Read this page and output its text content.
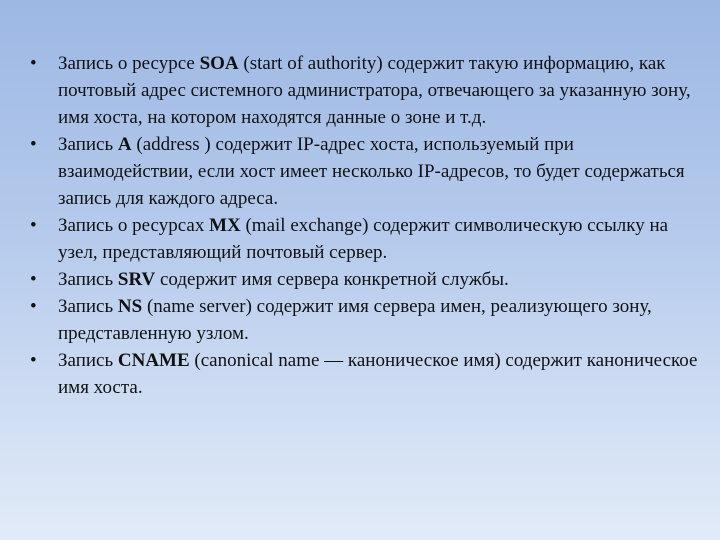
•	Запись о ресурсе SOA (start of authority) содержит такую информацию, как почтовый адрес системного администратора, отвечающего за указанную зону, имя хоста, на котором находятся данные о зоне и т.д.
•	Запись A (address ) содержит IP-адрес хоста, используемый при взаимодействии, если хост имеет несколько IP-адресов, то будет содержаться запись для каждого адреса.
•	Запись о ресурсах MX (mail exchange) содержит символическую ссылку на узел, представляющий почтовый сервер.
•	Запись SRV содержит имя сервера конкретной службы.
•	Запись NS (name server) содержит имя сервера имен, реализующего зону, представленную узлом.
•	Запись CNAME (canonical name — каноническое имя) содержит каноническое имя хоста.
